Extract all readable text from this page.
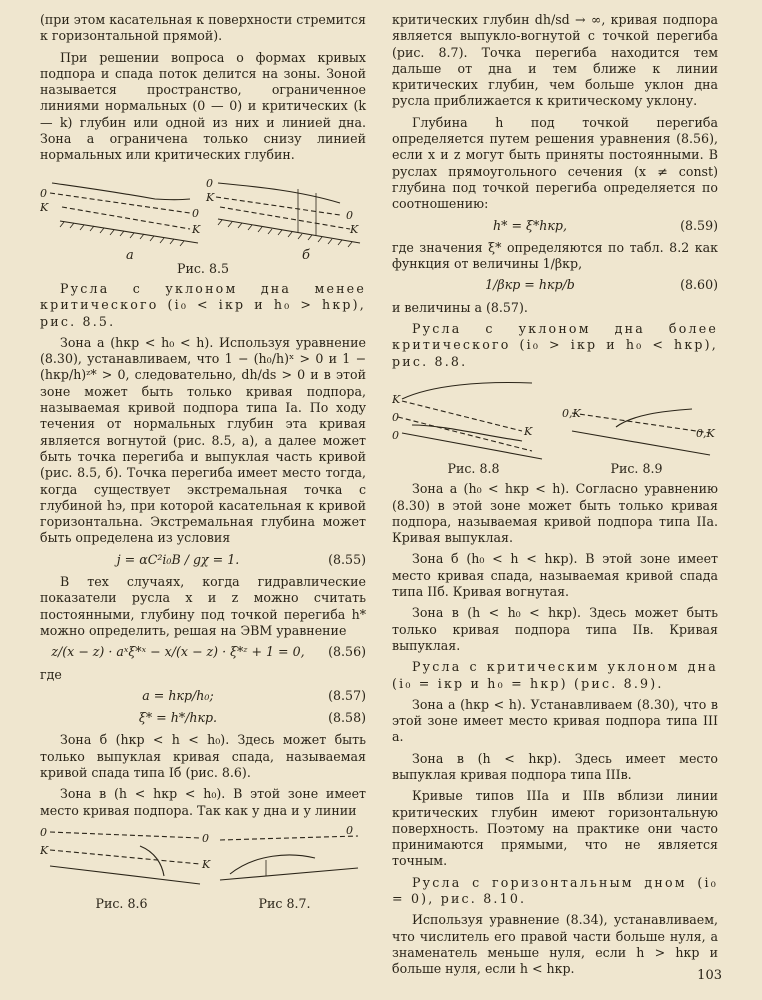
(при этом касательная к поверхности стремится к горизонтальной прямой).

При решении вопроса о формах кривых подпора и спада поток делится на зоны. Зоной называется пространство, ограниченное линиями нормальных (0 — 0) и критических (k — k) глубин или одной из них и линией дна. Зона а ограничена только снизу линией нормальных или критических глубин.

0
K	0
K
0
K
0
K
а	б
Рис. 8.5

Русла с уклоном дна менее критического (i₀ < iкр и h₀ > hкр), рис. 8.5.

Зона а (hкр < h₀ < h). Используя уравнение (8.30), устанавливаем, что 1 − (h₀/h)ˣ > 0 и 1 − (hкр/h)ᶻ* > 0, следовательно, dh/ds > 0 и в этой зоне может быть только кривая подпора, называемая кривой подпора типа Iа. По ходу течения от нормальных глубин эта кривая является вогнутой (рис. 8.5, а), а далее может быть точка перегиба и выпуклая часть кривой (рис. 8.5, б). Точка перегиба имеет место тогда, когда существует экстремальная точка с глубиной hэ, при которой касательная к кривой горизонтальна. Экстремальная глубина может быть определена из условия

j = αC²i₀B / gχ = 1.	(8.55)

В тех случаях, когда гидравлические показатели русла x и z можно считать постоянными, глубину под точкой перегиба h* можно определить, решая на ЭВМ уравнение

z/(x − z) · aˣξ*ˣ − x/(x − z) · ξ*ᶻ + 1 = 0,	(8.56)

где

a = hкр/h₀;	(8.57)
ξ* = h*/hкр.	(8.58)

Зона б (hкр < h < h₀). Здесь может быть только выпуклая кривая спада, называемая кривой спада типа Iб (рис. 8.6).

Зона в (h < hкр < h₀). В этой зоне имеет место кривая подпора. Так как у дна и у линии

0
K
0
K
0
Рис. 8.6	Рис 8.7.

критических глубин dh/sd → ∞, кривая подпора является выпукло-вогнутой с точкой перегиба (рис. 8.7). Точка перегиба находится тем дальше от дна и тем ближе к линии критических глубин, чем больше уклон дна русла приближается к критическому уклону.

Глубина h под точкой перегиба определяется путем решения уравнения (8.56), если x и z могут быть приняты постоянными. В руслах прямоугольного сечения (x ≠ const) глубина под точкой перегиба определяется по соотношению:

h* = ξ*hкр,	(8.59)

где значения ξ* определяются по табл. 8.2 как функция от величины 1/βкр,

1/βкр = hкр/b	(8.60)

и величины а (8.57).

Русла с уклоном дна более критического (i₀ > iкр и h₀ < hкр), рис. 8.8.

K
0
0	K
0,K
0,K
Рис. 8.8	Рис. 8.9

Зона а (h₀ < hкр < h). Согласно уравнению (8.30) в этой зоне может быть только кривая подпора, называемая кривой подпора типа IIа. Кривая выпуклая.

Зона б (h₀ < h < hкр). В этой зоне имеет место кривая спада, называемая кривой спада типа IIб. Кривая вогнутая.

Зона в (h < h₀ < hкр). Здесь может быть только кривая подпора типа IIв. Кривая выпуклая.

Русла с критическим уклоном дна (i₀ = iкр и h₀ = hкр) (рис. 8.9).

Зона а (hкр < h). Устанавливаем (8.30), что в этой зоне имеет место кривая подпора типа III а.

Зона в (h < hкр). Здесь имеет место выпуклая кривая подпора типа IIIв.

Кривые типов IIIа и IIIв вблизи линии критических глубин имеют горизонтальную поверхность. Поэтому на практике они часто принимаются прямыми, что не является точным.

Русла с горизонтальным дном (i₀ = 0), рис. 8.10.

Используя уравнение (8.34), устанавливаем, что числитель его правой части больше нуля, а знаменатель меньше нуля, если h > hкр и больше нуля, если h < hкр.	103
